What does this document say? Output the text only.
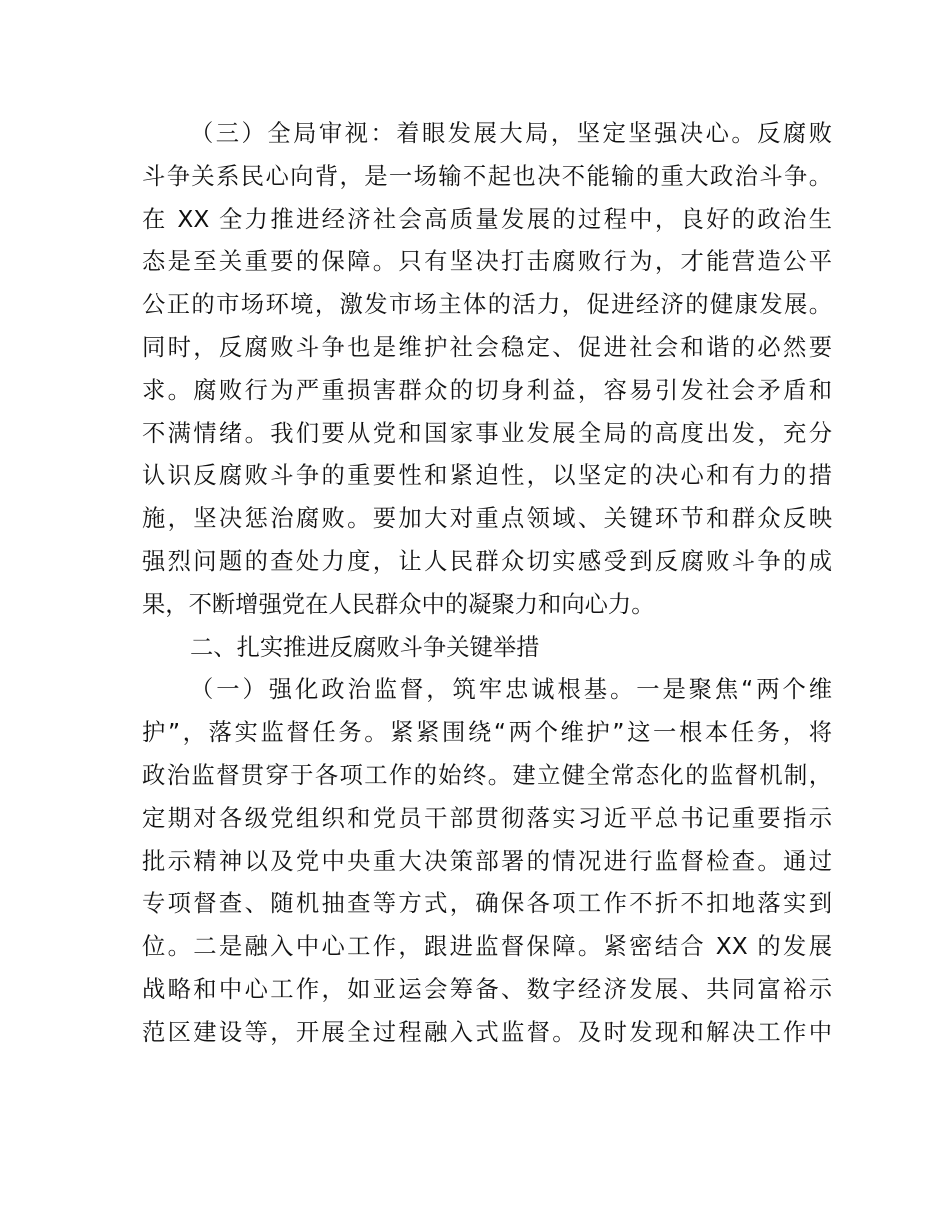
（三）全局审视：着眼发展大局，坚定坚强决心。反腐败
斗争关系民心向背，是一场输不起也决不能输的重大政治斗争。
在 XX 全力推进经济社会高质量发展的过程中，良好的政治生
态是至关重要的保障。只有坚决打击腐败行为，才能营造公平
公正的市场环境，激发市场主体的活力，促进经济的健康发展。
同时，反腐败斗争也是维护社会稳定、促进社会和谐的必然要
求。腐败行为严重损害群众的切身利益，容易引发社会矛盾和
不满情绪。我们要从党和国家事业发展全局的高度出发，充分
认识反腐败斗争的重要性和紧迫性，以坚定的决心和有力的措
施，坚决惩治腐败。要加大对重点领域、关键环节和群众反映
强烈问题的查处力度，让人民群众切实感受到反腐败斗争的成
果，不断增强党在人民群众中的凝聚力和向心力。
二、扎实推进反腐败斗争关键举措
（一）强化政治监督，筑牢忠诚根基。一是聚焦“两个维
护”，落实监督任务。紧紧围绕“两个维护”这一根本任务，将
政治监督贯穿于各项工作的始终。建立健全常态化的监督机制，
定期对各级党组织和党员干部贯彻落实习近平总书记重要指示
批示精神以及党中央重大决策部署的情况进行监督检查。通过
专项督查、随机抽查等方式，确保各项工作不折不扣地落实到
位。二是融入中心工作，跟进监督保障。紧密结合 XX 的发展
战略和中心工作，如亚运会筹备、数字经济发展、共同富裕示
范区建设等，开展全过程融入式监督。及时发现和解决工作中
